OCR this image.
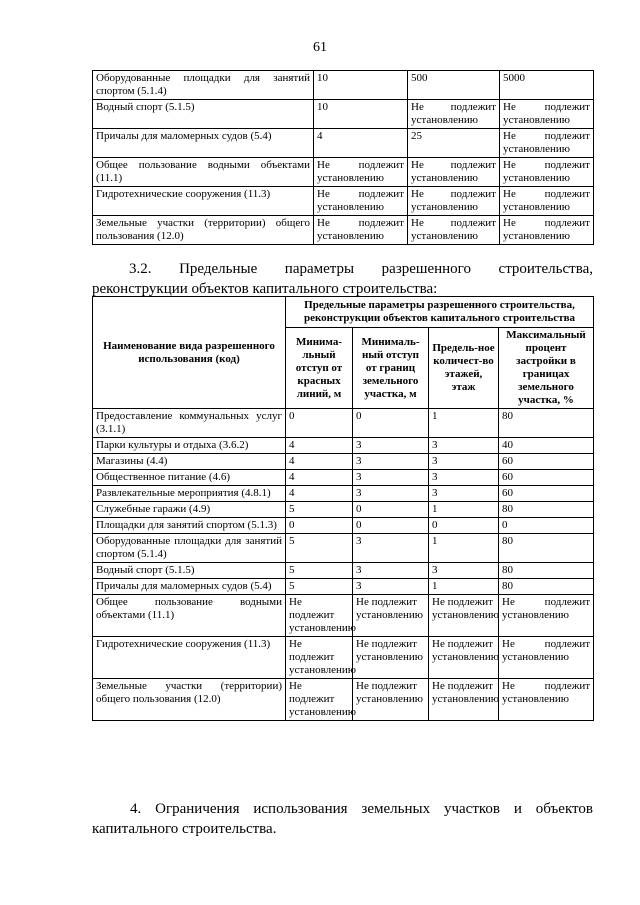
61
Оборудованные площадки для занятий спортом (5.1.4)	10	500	5000
Водный спорт (5.1.5)	10	Не подлежит установлению	Не подлежит установлению
Причалы для маломерных судов (5.4)	4	25	Не подлежит установлению
Общее пользование водными объектами (11.1)	Не подлежит установлению	Не подлежит установлению	Не подлежит установлению
Гидротехнические сооружения (11.3)	Не подлежит установлению	Не подлежит установлению	Не подлежит установлению
Земельные участки (территории) общего пользования (12.0)	Не подлежит установлению	Не подлежит установлению	Не подлежит установлению
3.2. Предельные параметры разрешенного строительства,
реконструкции объектов капитального строительства:
Наименование вида разрешенного использования (код)	Предельные параметры разрешенного строительства, реконструкции объектов капитального строительства			
	Минима-льный отступ от красных линий, м	Минималь-ный отступ от границ земельного участка, м	Предель-ное количест-во этажей, этаж	Максимальный процент застройки в границах земельного участка, %
Предоставление коммунальных услуг (3.1.1)	0	0	1	80
Парки культуры и отдыха (3.6.2)	4	3	3	40
Магазины (4.4)	4	3	3	60
Общественное питание (4.6)	4	3	3	60
Развлекательные мероприятия (4.8.1)	4	3	3	60
Служебные гаражи (4.9)	5	0	1	80
Площадки для занятий спортом (5.1.3)	0	0	0	0
Оборудованные площадки для занятий спортом (5.1.4)	5	3	1	80
Водный спорт (5.1.5)	5	3	3	80
Причалы для маломерных судов (5.4)	5	3	1	80
Общее пользование водными объектами (11.1)	Не подлежит установлению	Не подлежит установлению	Не подлежит установлению	Не подлежит установлению
Гидротехнические сооружения (11.3)	Не подлежит установлению	Не подлежит установлению	Не подлежит установлению	Не подлежит установлению
Земельные участки (территории) общего пользования (12.0)	Не подлежит установлению	Не подлежит установлению	Не подлежит установлению	Не подлежит установлению
4. Ограничения использования земельных участков и объектов
капитального строительства.
